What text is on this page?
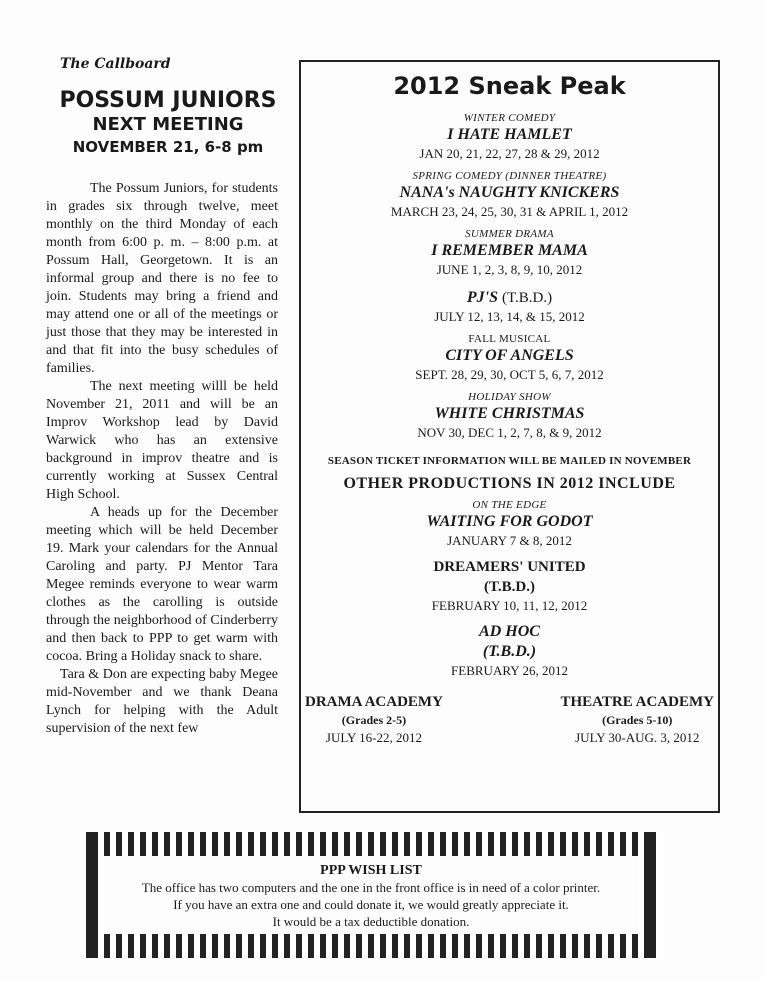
The Callboard
POSSUM JUNIORS
NEXT MEETING
NOVEMBER 21, 6-8 pm

The Possum Juniors, for students in grades six through twelve, meet monthly on the third Monday of each month from 6:00 p. m. – 8:00 p.m. at Possum Hall, Georgetown. It is an informal group and there is no fee to join. Students may bring a friend and may attend one or all of the meetings or just those that they may be interested in and that fit into the busy schedules of families.

The next meeting willl be held November 21, 2011 and will be an Improv Workshop lead by David Warwick who has an extensive background in improv theatre and is currently working at Sussex Central High School.

A heads up for the December meeting which will be held December 19. Mark your calendars for the Annual Caroling and party. PJ Mentor Tara Megee reminds everyone to wear warm clothes as the carolling is outside through the neighborhood of Cinderberry and then back to PPP to get warm with cocoa. Bring a Holiday snack to share.

Tara & Don are expecting baby Megee mid-November and we thank Deana Lynch for helping with the Adult supervision of the next few

2012 Sneak Peak
WINTER COMEDY
I HATE HAMLET
JAN 20, 21, 22, 27, 28 & 29, 2012
SPRING COMEDY (DINNER THEATRE)
NANA's NAUGHTY KNICKERS
MARCH 23, 24, 25, 30, 31 & APRIL 1, 2012
SUMMER DRAMA
I REMEMBER MAMA
JUNE 1, 2, 3, 8, 9, 10, 2012
PJ'S (T.B.D.)
JULY 12, 13, 14, & 15, 2012
FALL MUSICAL
CITY OF ANGELS
SEPT. 28, 29, 30, OCT 5, 6, 7, 2012
HOLIDAY SHOW
WHITE CHRISTMAS
NOV 30, DEC 1, 2, 7, 8, & 9, 2012
SEASON TICKET INFORMATION WILL BE MAILED IN NOVEMBER
OTHER PRODUCTIONS IN 2012 INCLUDE
ON THE EDGE
WAITING FOR GODOT
JANUARY 7 & 8, 2012
DREAMERS' UNITED
(T.B.D.)
FEBRUARY 10, 11, 12, 2012
AD HOC
(T.B.D.)
FEBRUARY 26, 2012
DRAMA ACADEMY
(Grades 2-5)
JULY 16-22, 2012
THEATRE ACADEMY
(Grades 5-10)
JULY 30-AUG. 3, 2012
PPP WISH LIST
The office has two computers and the one in the front office is in need of a color printer.
If you have an extra one and could donate it, we would greatly appreciate it.
It would be a tax deductible donation.
